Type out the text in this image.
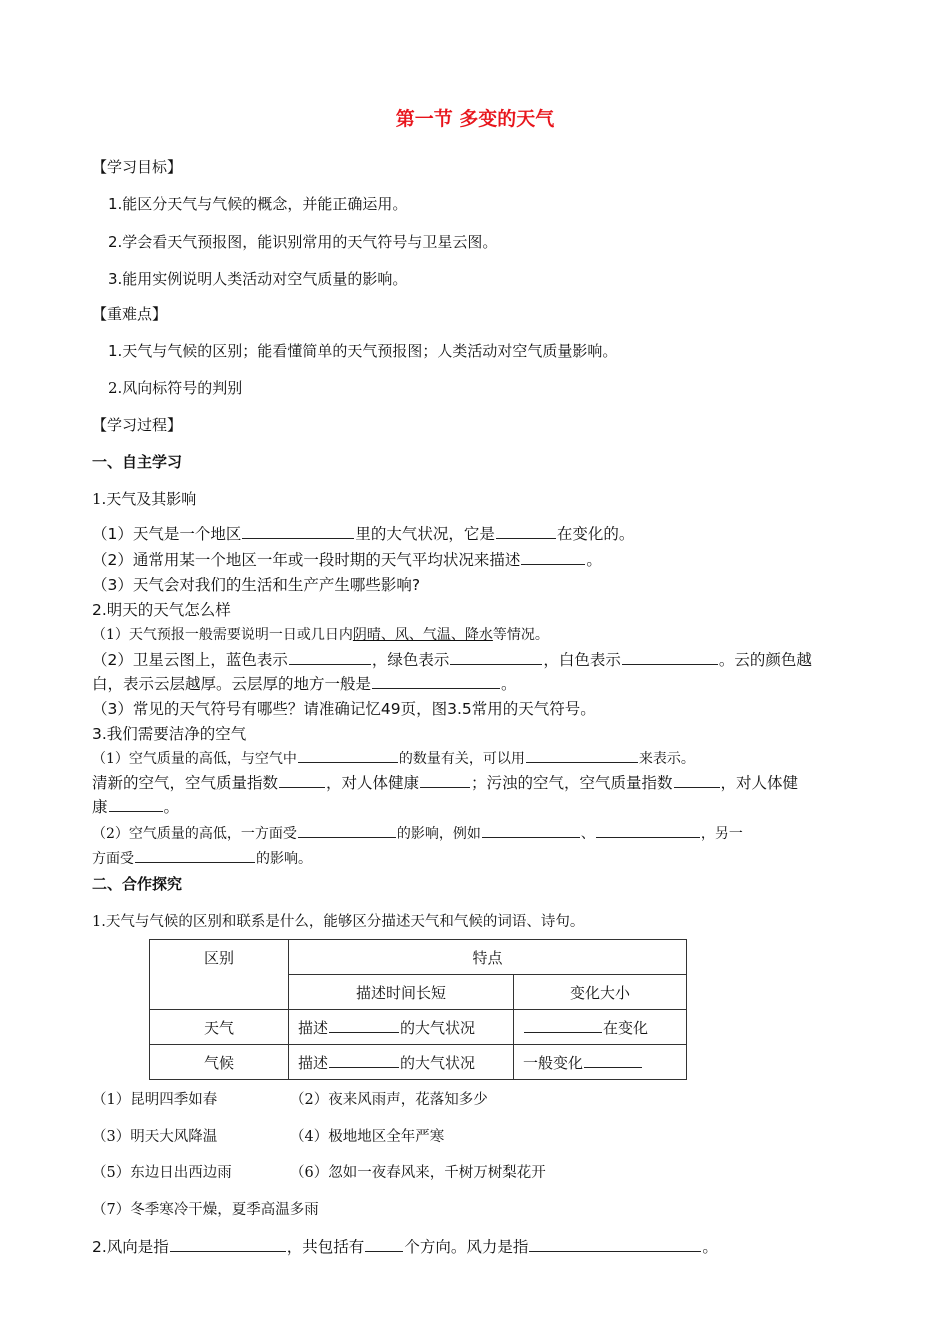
第一节 多变的天气
【学习目标】
1.能区分天气与气候的概念，并能正确运用。
2.学会看天气预报图，能识别常用的天气符号与卫星云图。
3.能用实例说明人类活动对空气质量的影响。
【重难点】
1.天气与气候的区别；能看懂简单的天气预报图；人类活动对空气质量影响。
2.风向标符号的判别
【学习过程】
一、自主学习
1.天气及其影响
（1）天气是一个地区	里的大气状况，它是	在变化的。
（2）通常用某一个地区一年或一段时期的天气平均状况来描述	。
（3）天气会对我们的生活和生产产生哪些影响?
2.明天的天气怎么样
（1）天气预报一般需要说明一日或几日内阴晴、风、气温、降水等情况。
（2）卫星云图上，蓝色表示	，绿色表示	，白色表示	。云的颜色越
白，表示云层越厚。云层厚的地方一般是	。
（3）常见的天气符号有哪些？请准确记忆49页，图3.5常用的天气符号。
3.我们需要洁净的空气
（1）空气质量的高低，与空气中	的数量有关，可以用	来表示。
清新的空气，空气质量指数	，对人体健康	；污浊的空气，空气质量指数	，对人体健
康	。
（2）空气质量的高低，一方面受	的影响，例如	、	，另一
方面受	的影响。
二、合作探究
1.天气与气候的区别和联系是什么，能够区分描述天气和气候的词语、诗句。
区别	特点	
	描述时间长短	变化大小
天气	描述 的大气状况	在变化
气候	描述 的大气状况	一般变化
（1）昆明四季如春	（2）夜来风雨声，花落知多少
（3）明天大风降温	（4）极地地区全年严寒
（5）东边日出西边雨	（6）忽如一夜春风来，千树万树梨花开
（7）冬季寒冷干燥，夏季高温多雨
2.风向是指	，共包括有	个方向。风力是指	。
